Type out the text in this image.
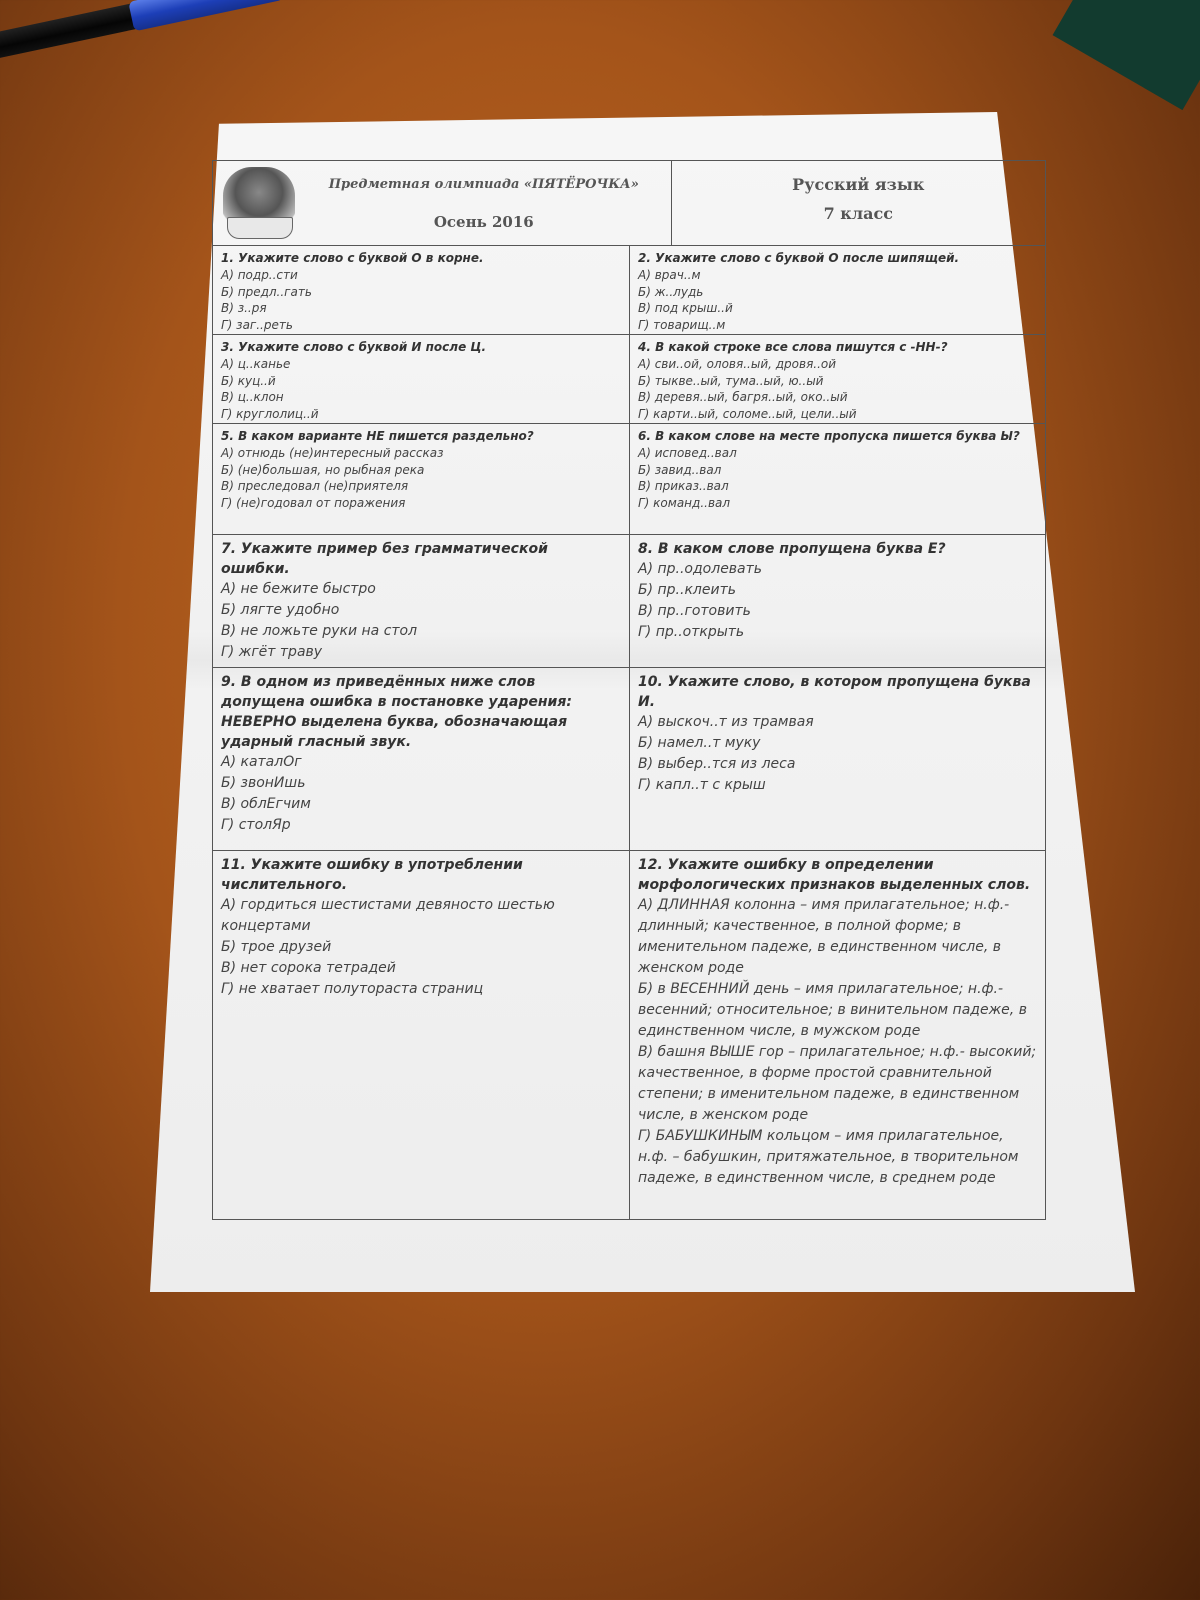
Предметная олимпиада «ПЯТЁРОЧКА»
Осень 2016
Русский язык
7 класс
1. Укажите слово с буквой О в корне.
А) подр..сти
Б) предл..гать
В) з..ря
Г) заг..реть
2. Укажите слово с буквой О после шипящей.
А) врач..м
Б) ж..лудь
В) под крыш..й
Г) товарищ..м
3. Укажите слово с буквой И после Ц.
А) ц..канье
Б) куц..й
В) ц..клон
Г) круглолиц..й
4. В какой строке все слова пишутся с -НН-?
А) сви..ой, оловя..ый, дровя..ой
Б) тыкве..ый, тума..ый, ю..ый
В) деревя..ый, багря..ый, око..ый
Г) карти..ый, соломе..ый, цели..ый
5. В каком варианте НЕ пишется раздельно?
А) отнюдь (не)интересный рассказ
Б) (не)большая, но рыбная река
В) преследовал (не)приятеля
Г) (не)годовал от поражения
6. В каком слове на месте пропуска пишется буква Ы?
А) исповед..вал
Б) завид..вал
В) приказ..вал
Г) команд..вал
7. Укажите пример без грамматической ошибки.
А) не бежите быстро
Б) лягте удобно
В) не ложьте руки на стол
Г) жгёт траву
8. В каком слове пропущена буква Е?
А) пр..одолевать
Б) пр..клеить
В) пр..готовить
Г) пр..открыть
9. В одном из приведённых ниже слов допущена ошибка в постановке ударения: НЕВЕРНО выделена буква, обозначающая ударный гласный звук.
А) каталОг
Б) звонИшь
В) облЕгчим
Г) столЯр
10. Укажите слово, в котором пропущена буква И.
А) выскоч..т из трамвая
Б) намел..т муку
В) выбер..тся из леса
Г) капл..т с крыш
11. Укажите ошибку в употреблении числительного.
А) гордиться шестистами девяносто шестью концертами
Б) трое друзей
В) нет сорока тетрадей
Г) не хватает полутораста страниц
12. Укажите ошибку в определении морфологических признаков выделенных слов.
А) ДЛИННАЯ колонна – имя прилагательное; н.ф.- длинный; качественное, в полной форме; в именительном падеже, в единственном числе, в женском роде
Б) в ВЕСЕННИЙ день – имя прилагательное; н.ф.- весенний; относительное; в винительном падеже, в единственном числе, в мужском роде
В) башня ВЫШЕ гор – прилагательное; н.ф.- высокий; качественное, в форме простой сравнительной степени; в именительном падеже, в единственном числе, в женском роде
Г) БАБУШКИНЫМ кольцом – имя прилагательное, н.ф. – бабушкин, притяжательное, в творительном падеже, в единственном числе, в среднем роде
